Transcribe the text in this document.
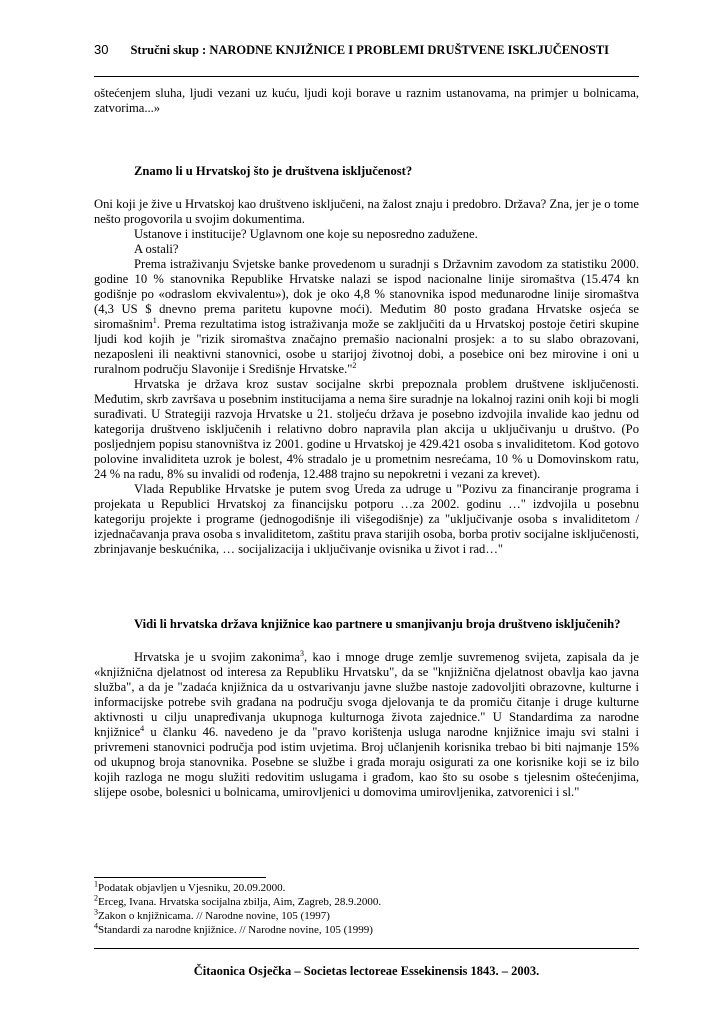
30 Stručni skup : NARODNE KNJIŽNICE I PROBLEMI DRUŠTVENE ISKLJUČENOSTI

oštećenjem sluha, ljudi vezani uz kuću, ljudi koji borave u raznim ustanovama, na primjer u bolnicama, zatvorima...»

Znamo li u Hrvatskoj što je društvena isključenost?

Oni koji je žive u Hrvatskoj kao društveno isključeni, na žalost znaju i predobro. Država? Zna, jer je o tome nešto progovorila u svojim dokumentima.

Ustanove i institucije? Uglavnom one koje su neposredno zadužene.

A ostali?

Prema istraživanju Svjetske banke provedenom u suradnji s Državnim zavodom za statistiku 2000. godine 10 % stanovnika Republike Hrvatske nalazi se ispod nacionalne linije siromaštva (15.474 kn godišnje po «odraslom ekvivalentu»), dok je oko 4,8 % stanovnika ispod međunarodne linije siromaštva (4,3 US $ dnevno prema paritetu kupovne moći). Međutim 80 posto građana Hrvatske osjeća se siromašnim$^1$. Prema rezultatima istog istraživanja može se zaključiti da u Hrvatskoj postoje četiri skupine ljudi kod kojih je "rizik siromaštva značajno premašio nacionalni prosjek: a to su slabo obrazovani, nezaposleni ili neaktivni stanovnici, osobe u starijoj životnoj dobi, a posebice oni bez mirovine i oni u ruralnom području Slavonije i Središnje Hrvatske."$^2$

Hrvatska je država kroz sustav socijalne skrbi prepoznala problem društvene isključenosti. Međutim, skrb završava u posebnim institucijama a nema šire suradnje na lokalnoj razini onih koji bi mogli surađivati. U Strategiji razvoja Hrvatske u 21. stoljeću država je posebno izdvojila invalide kao jednu od kategorija društveno isključenih i relativno dobro napravila plan akcija u uključivanju u društvo. (Po posljednjem popisu stanovništva iz 2001. godine u Hrvatskoj je 429.421 osoba s invaliditetom. Kod gotovo polovine invaliditeta uzrok je bolest, 4% stradalo je u prometnim nesrećama, 10 % u Domovinskom ratu, 24 % na radu, 8% su invalidi od rođenja, 12.488 trajno su nepokretni i vezani za krevet).

Vlada Republike Hrvatske je putem svog Ureda za udruge u "Pozivu za financiranje programa i projekata u Republici Hrvatskoj za financijsku potporu …za 2002. godinu …" izdvojila u posebnu kategoriju projekte i programe (jednogodišnje ili višegodišnje) za "uključivanje osoba s invaliditetom / izjednačavanja prava osoba s invaliditetom, zaštitu prava starijih osoba, borba protiv socijalne isključenosti, zbrinjavanje beskućnika, … socijalizacija i uključivanje ovisnika u život i rad…"

Vidi li hrvatska država knjižnice kao partnere u smanjivanju broja društveno isključenih?

Hrvatska je u svojim zakonima$^3$, kao i mnoge druge zemlje suvremenog svijeta, zapisala da je «knjižnična djelatnost od interesa za Republiku Hrvatsku", da se "knjižnična djelatnost obavlja kao javna služba", a da je "zadaća knjižnica da u ostvarivanju javne službe nastoje zadovoljiti obrazovne, kulturne i informacijske potrebe svih građana na području svoga djelovanja te da promiču čitanje i druge kulturne aktivnosti u cilju unapređivanja ukupnoga kulturnoga života zajednice." U Standardima za narodne knjižnice$^4$ u članku 46. navedeno je da "pravo korištenja usluga narodne knjižnice imaju svi stalni i privremeni stanovnici područja pod istim uvjetima. Broj učlanjenih korisnika trebao bi biti najmanje 15% od ukupnog broja stanovnika. Posebne se službe i građa moraju osigurati za one korisnike koji se iz bilo kojih razloga ne mogu služiti redovitim uslugama i građom, kao što su osobe s tjelesnim oštećenjima, slijepe osobe, bolesnici u bolnicama, umirovljenici u domovima umirovljenika, zatvorenici i sl."

$^1$Podatak objavljen u Vjesniku, 20.09.2000.
$^2$Erceg, Ivana. Hrvatska socijalna zbilja, Aim, Zagreb, 28.9.2000.
$^3$Zakon o knjižnicama. // Narodne novine, 105 (1997)
$^4$Standardi za narodne knjižnice. // Narodne novine, 105 (1999)
Čitaonica Osječka – Societas lectoreae Essekinensis 1843. – 2003.
